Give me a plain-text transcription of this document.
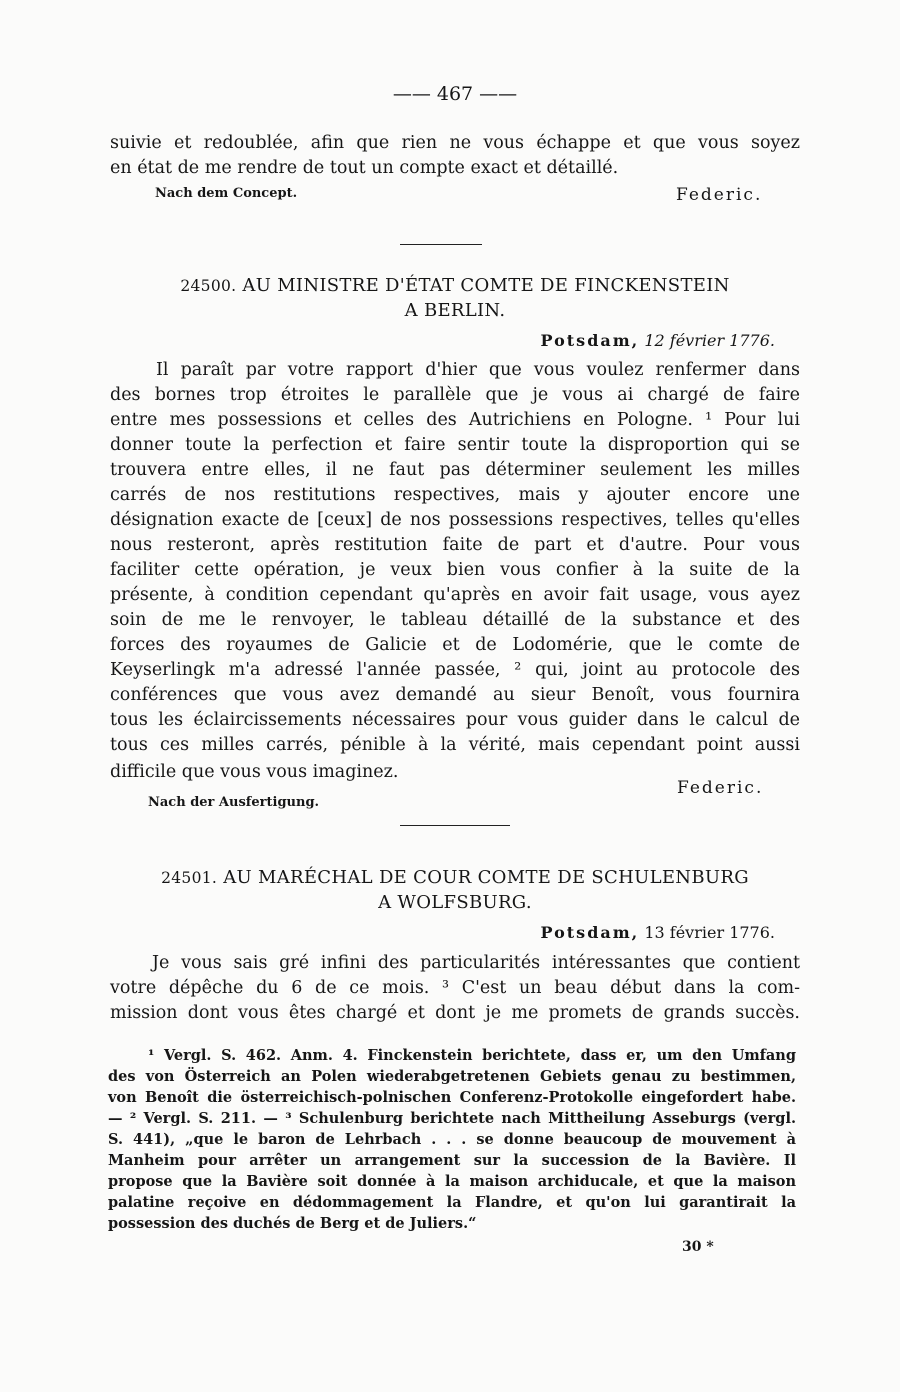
—— 467 ——
suivie et redoublée, afin que rien ne vous échappe et que vous soyez
en état de me rendre de tout un compte exact et détaillé.
Nach dem Concept.	Federic.
24500. AU MINISTRE D'ÉTAT COMTE DE FINCKENSTEIN
A BERLIN.
Potsdam, 12 février 1776.
Il paraît par votre rapport d'hier que vous voulez renfermer dans
des bornes trop étroites le parallèle que je vous ai chargé de faire
entre mes possessions et celles des Autrichiens en Pologne. ¹ Pour lui
donner toute la perfection et faire sentir toute la disproportion qui se
trouvera entre elles, il ne faut pas déterminer seulement les milles
carrés de nos restitutions respectives, mais y ajouter encore une
désignation exacte de [ceux] de nos possessions respectives, telles qu'elles
nous resteront, après restitution faite de part et d'autre. Pour vous
faciliter cette opération, je veux bien vous confier à la suite de la
présente, à condition cependant qu'après en avoir fait usage, vous ayez
soin de me le renvoyer, le tableau détaillé de la substance et des
forces des royaumes de Galicie et de Lodomérie, que le comte de
Keyserlingk m'a adressé l'année passée, ² qui, joint au protocole des
conférences que vous avez demandé au sieur Benoît, vous fournira
tous les éclaircissements nécessaires pour vous guider dans le calcul de
tous ces milles carrés, pénible à la vérité, mais cependant point aussi
difficile que vous vous imaginez.
Federic.
Nach der Ausfertigung.
24501. AU MARÉCHAL DE COUR COMTE DE SCHULENBURG
A WOLFSBURG.
Potsdam, 13 février 1776.
Je vous sais gré infini des particularités intéressantes que contient
votre dépêche du 6 de ce mois. ³ C'est un beau début dans la com-
mission dont vous êtes chargé et dont je me promets de grands succès.
¹ Vergl. S. 462. Anm. 4. Finckenstein berichtete, dass er, um den Umfang
des von Österreich an Polen wiederabgetretenen Gebiets genau zu bestimmen,
von Benoît die österreichisch-polnischen Conferenz-Protokolle eingefordert habe.
— ² Vergl. S. 211. — ³ Schulenburg berichtete nach Mittheilung Asseburgs (vergl.
S. 441), „que le baron de Lehrbach . . . se donne beaucoup de mouvement à
Manheim pour arrêter un arrangement sur la succession de la Bavière. Il
propose que la Bavière soit donnée à la maison archiducale, et que la maison
palatine reçoive en dédommagement la Flandre, et qu'on lui garantirait la
possession des duchés de Berg et de Juliers.“
30 *
